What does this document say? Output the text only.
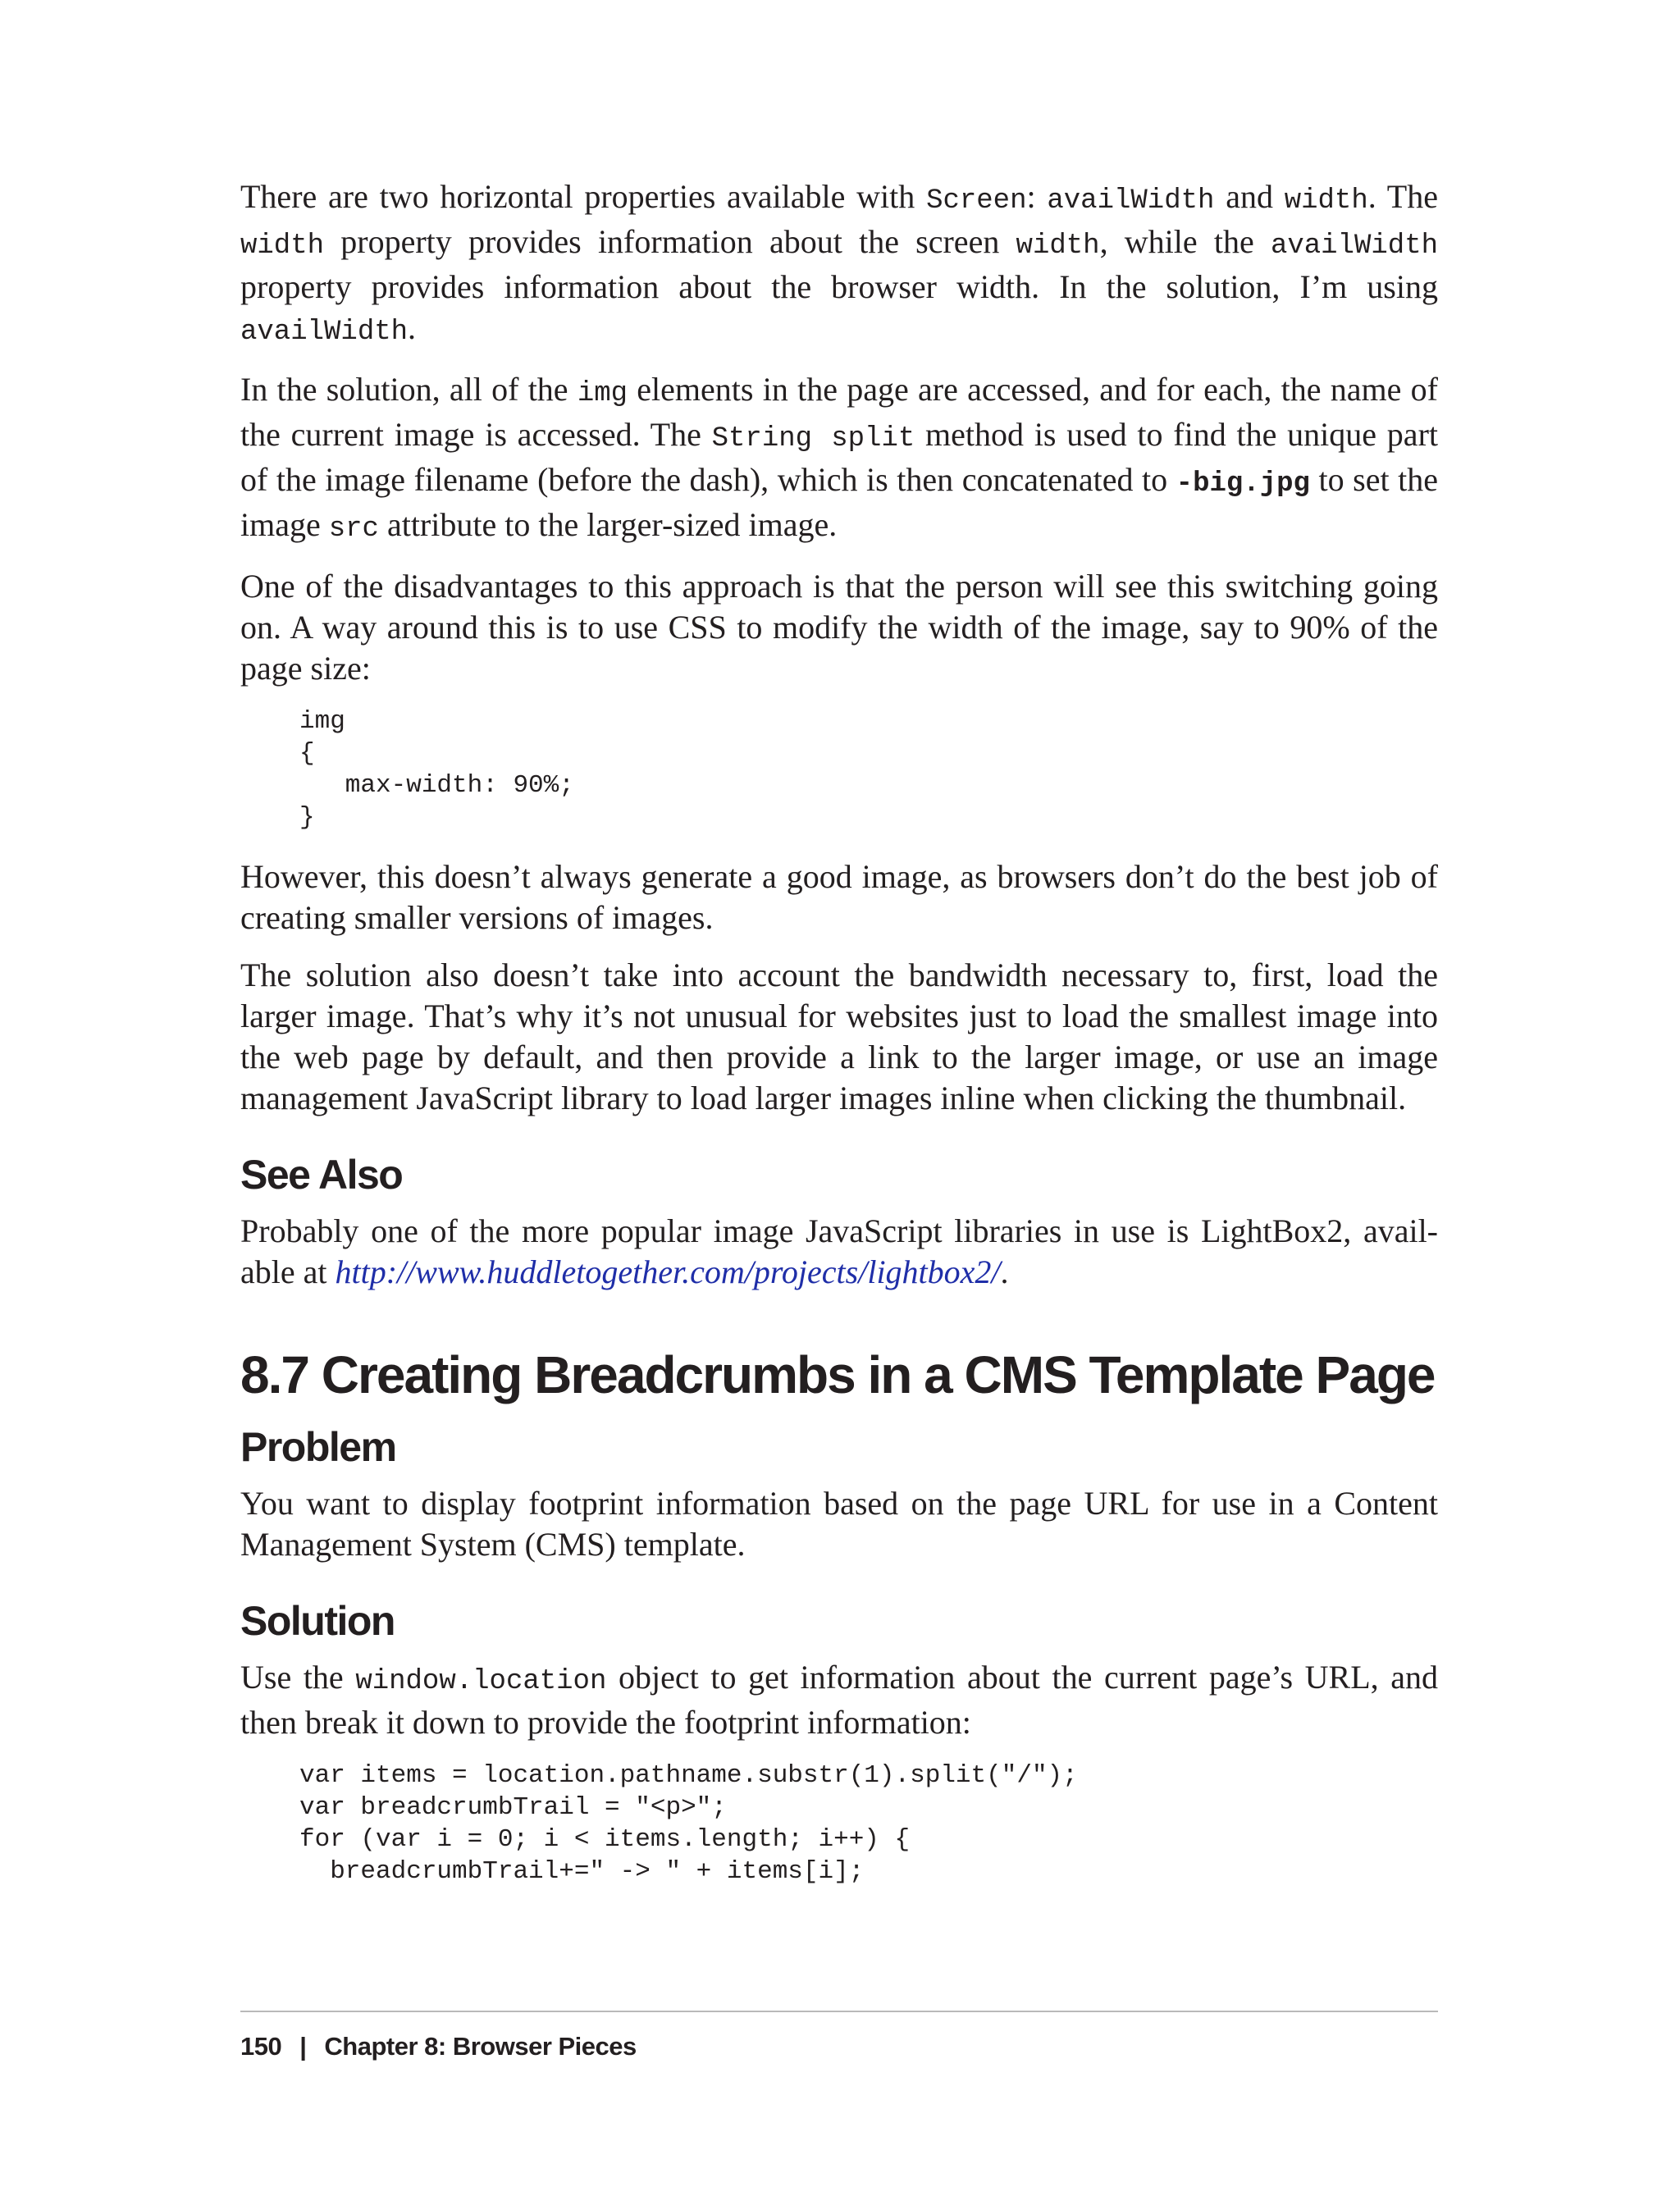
There are two horizontal properties available with Screen: availWidth and width. The width property provides information about the screen width, while the availWidth property provides information about the browser width. In the solution, I’m using availWidth.

In the solution, all of the img elements in the page are accessed, and for each, the name of the current image is accessed. The String split method is used to find the unique part of the image filename (before the dash), which is then concatenated to -big.jpg to set the image src attribute to the larger-sized image.

One of the disadvantages to this approach is that the person will see this switching going on. A way around this is to use CSS to modify the width of the image, say to 90% of the page size:

img
{
max-width: 90%;
}

However, this doesn’t always generate a good image, as browsers don’t do the best job of creating smaller versions of images.

The solution also doesn’t take into account the bandwidth necessary to, first, load the larger image. That’s why it’s not unusual for websites just to load the smallest image into the web page by default, and then provide a link to the larger image, or use an image management JavaScript library to load larger images inline when clicking the thumbnail.

See Also

Probably one of the more popular image JavaScript libraries in use is LightBox2, avail-able at http://www.huddletogether.com/projects/lightbox2/.

8.7 Creating Breadcrumbs in a CMS Template Page
Problem

You want to display footprint information based on the page URL for use in a Content Management System (CMS) template.

Solution

Use the window.location object to get information about the current page’s URL, and then break it down to provide the footprint information:

var items = location.pathname.substr(1).split("/");
var breadcrumbTrail = "<p>";
for (var i = 0; i < items.length; i++) {
breadcrumbTrail+=" -> " + items[i];
150 | Chapter 8: Browser Pieces
